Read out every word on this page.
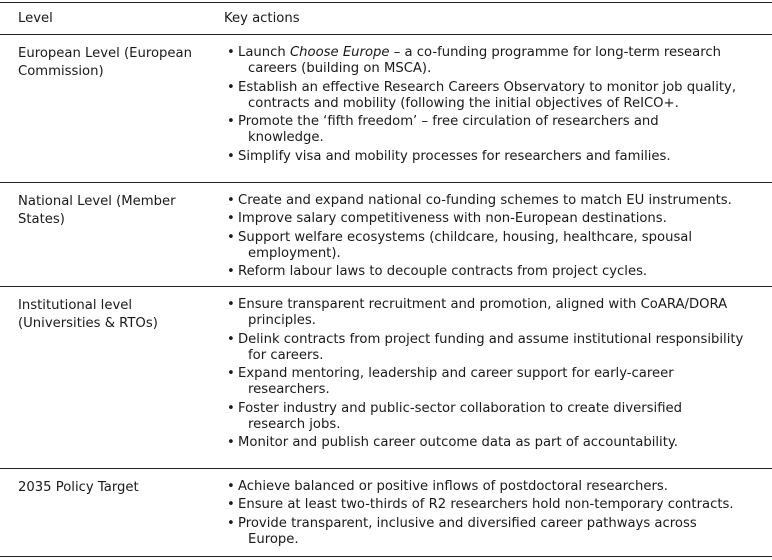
Level	Key actions
European Level (European
Commission)
• Launch Choose Europe – a co-funding programme for long-term research
careers (building on MSCA).
• Establish an effective Research Careers Observatory to monitor job quality,
contracts and mobility (following the initial objectives of ReICO+.
• Promote the ‘fifth freedom’ – free circulation of researchers and
knowledge.
• Simplify visa and mobility processes for researchers and families.
National Level (Member
States)
• Create and expand national co-funding schemes to match EU instruments.
• Improve salary competitiveness with non-European destinations.
• Support welfare ecosystems (childcare, housing, healthcare, spousal
employment).
• Reform labour laws to decouple contracts from project cycles.
Institutional level
(Universities & RTOs)
• Ensure transparent recruitment and promotion, aligned with CoARA/DORA
principles.
• Delink contracts from project funding and assume institutional responsibility
for careers.
• Expand mentoring, leadership and career support for early-career
researchers.
• Foster industry and public-sector collaboration to create diversified
research jobs.
• Monitor and publish career outcome data as part of accountability.
2035 Policy Target
•	Achieve balanced or positive inflows of postdoctoral researchers.
• Ensure at least two-thirds of R2 researchers hold non-temporary contracts.
• Provide transparent, inclusive and diversified career pathways across
Europe.
